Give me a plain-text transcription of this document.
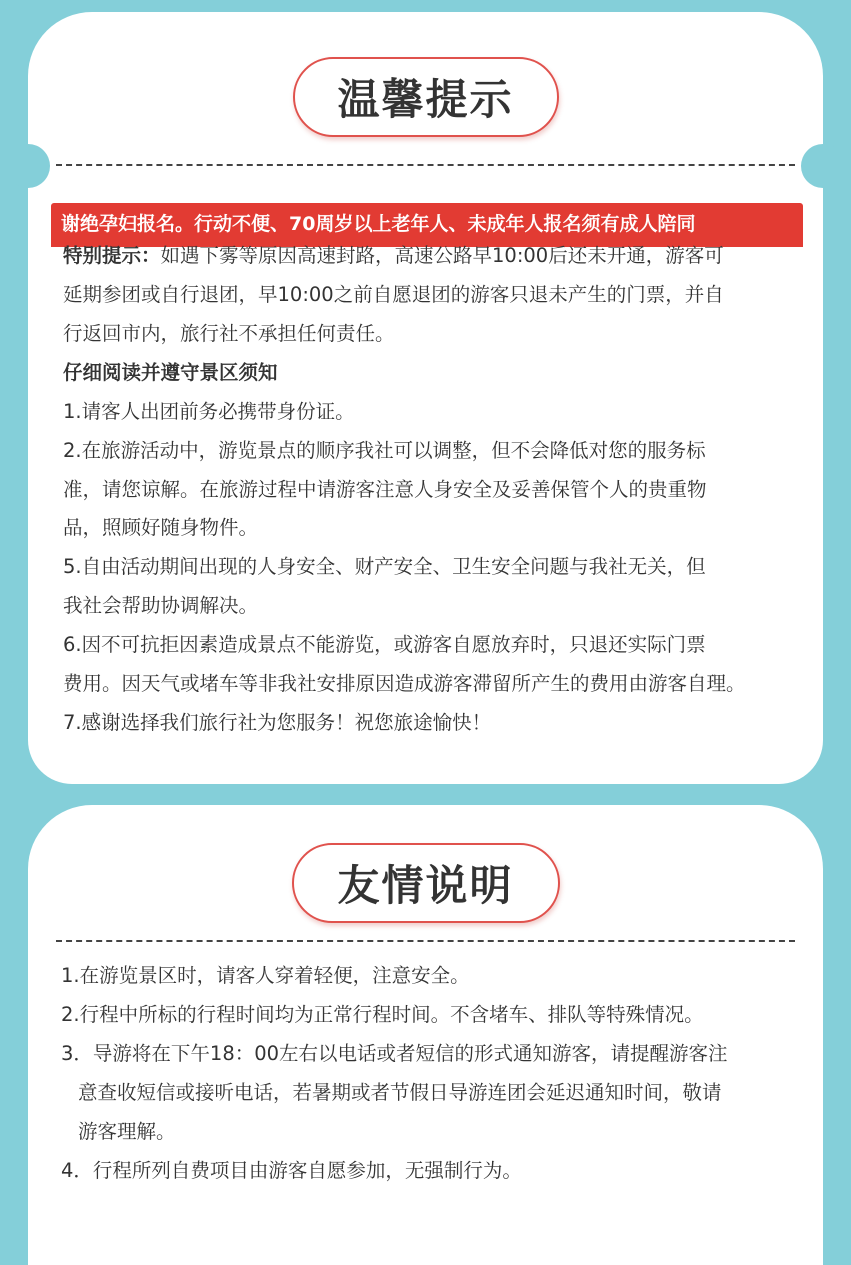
温馨提示
谢绝孕妇报名。行动不便、70周岁以上老年人、未成年人报名须有成人陪同
特别提示：如遇下雾等原因高速封路，高速公路早10:00后还未开通，游客可
延期参团或自行退团，早10:00之前自愿退团的游客只退未产生的门票，并自
行返回市内，旅行社不承担任何责任。
仔细阅读并遵守景区须知
1.请客人出团前务必携带身份证。
2.在旅游活动中，游览景点的顺序我社可以调整，但不会降低对您的服务标
准，请您谅解。在旅游过程中请游客注意人身安全及妥善保管个人的贵重物
品，照顾好随身物件。
5.自由活动期间出现的人身安全、财产安全、卫生安全问题与我社无关，但
我社会帮助协调解决。
6.因不可抗拒因素造成景点不能游览，或游客自愿放弃时，只退还实际门票
费用。因天气或堵车等非我社安排原因造成游客滞留所产生的费用由游客自理。
7.感谢选择我们旅行社为您服务！祝您旅途愉快！
友情说明
1.在游览景区时，请客人穿着轻便，注意安全。
2.行程中所标的行程时间均为正常行程时间。不含堵车、排队等特殊情况。
3．导游将在下午18：00左右以电话或者短信的形式通知游客，请提醒游客注
意查收短信或接听电话，若暑期或者节假日导游连团会延迟通知时间，敬请
游客理解。
4．行程所列自费项目由游客自愿参加，无强制行为。
